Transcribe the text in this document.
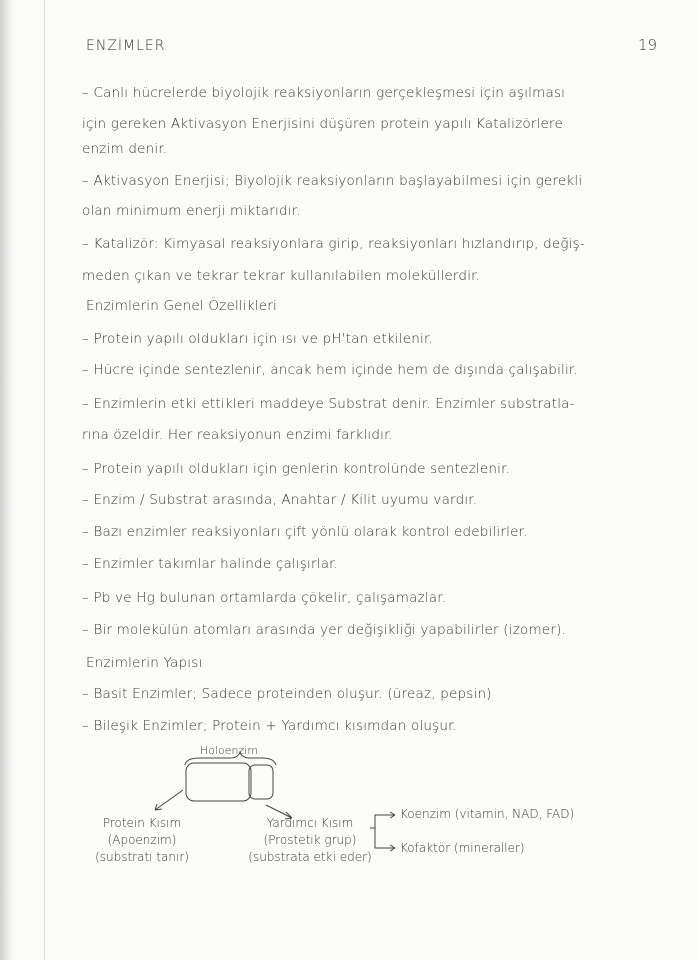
ENZİMLER	19
– Canlı hücrelerde biyolojik reaksiyonların gerçekleşmesi için aşılması
için gereken Aktivasyon Enerjisini düşüren protein yapılı Katalizörlere
enzim denir.
– Aktivasyon Enerjisi; Biyolojik reaksiyonların başlayabilmesi için gerekli
olan minimum enerji miktarıdır.
– Katalizör: Kimyasal reaksiyonlara girip, reaksiyonları hızlandırıp, değiş-
meden çıkan ve tekrar tekrar kullanılabilen moleküllerdir.
Enzimlerin Genel Özellikleri
– Protein yapılı oldukları için ısı ve pH'tan etkilenir.
– Hücre içinde sentezlenir, ancak hem içinde hem de dışında çalışabilir.
– Enzimlerin etki ettikleri maddeye Substrat denir. Enzimler substratla-
rına özeldir. Her reaksiyonun enzimi farklıdır.
– Protein yapılı oldukları için genlerin kontrolünde sentezlenir.
– Enzim / Substrat arasında, Anahtar / Kilit uyumu vardır.
– Bazı enzimler reaksiyonları çift yönlü olarak kontrol edebilirler.
– Enzimler takımlar halinde çalışırlar.
– Pb ve Hg bulunan ortamlarda çökelir, çalışamazlar.
– Bir molekülün atomları arasında yer değişikliği yapabilirler (izomer).
Enzimlerin Yapısı
– Basit Enzimler; Sadece proteinden oluşur. (üreaz, pepsin)
– Bileşik Enzimler; Protein + Yardımcı kısımdan oluşur.
Holoenzim
Protein Kısım
(Apoenzim)
(substratı tanır)
Yardımcı Kısım
(Prostetik grup)
(substrata etki eder)
Koenzim (vitamin, NAD, FAD)
Kofaktör (mineraller)
